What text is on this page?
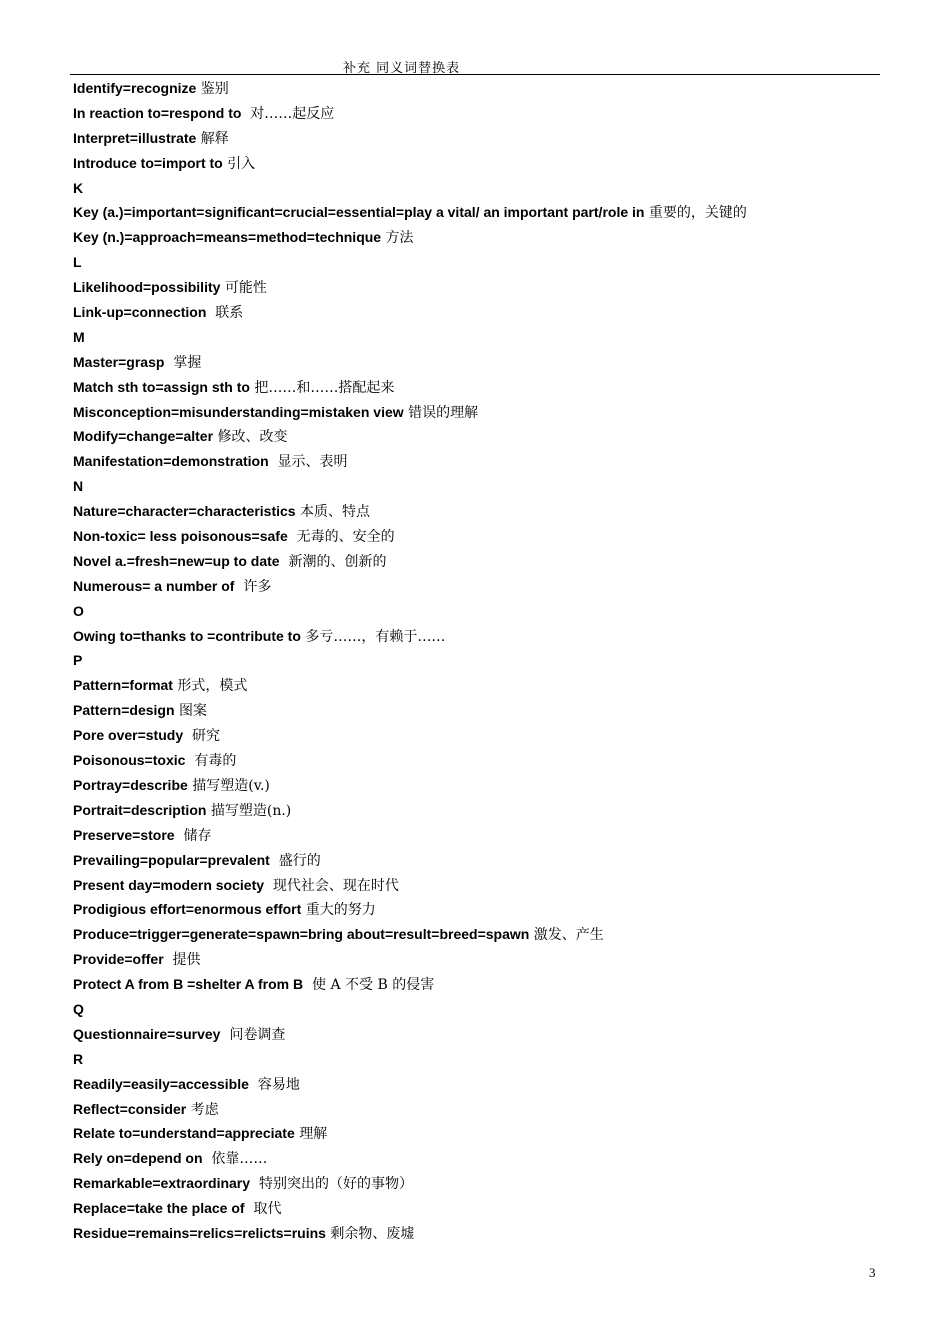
补充 同义词替换表
Identify=recognize 鉴别
In reaction to=respond to  对……起反应
Interpret=illustrate 解释
Introduce to=import to 引入
K
Key (a.)=important=significant=crucial=essential=play a vital/ an important part/role in 重要的，关键的
Key (n.)=approach=means=method=technique 方法
L
Likelihood=possibility 可能性
Link-up=connection  联系
M
Master=grasp  掌握
Match sth to=assign sth to 把……和……搭配起来
Misconception=misunderstanding=mistaken view 错误的理解
Modify=change=alter 修改、改变
Manifestation=demonstration  显示、表明
N
Nature=character=characteristics 本质、特点
Non-toxic= less poisonous=safe  无毒的、安全的
Novel a.=fresh=new=up to date  新潮的、创新的
Numerous= a number of  许多
O
Owing to=thanks to =contribute to 多亏……，有赖于……
P
Pattern=format 形式，模式
Pattern=design 图案
Pore over=study  研究
Poisonous=toxic  有毒的
Portray=describe 描写塑造(v.)
Portrait=description 描写塑造(n.)
Preserve=store  储存
Prevailing=popular=prevalent  盛行的
Present day=modern society  现代社会、现在时代
Prodigious effort=enormous effort 重大的努力
Produce=trigger=generate=spawn=bring about=result=breed=spawn 激发、产生
Provide=offer  提供
Protect A from B =shelter A from B  使 A 不受 B 的侵害
Q
Questionnaire=survey  问卷调查
R
Readily=easily=accessible  容易地
Reflect=consider 考虑
Relate to=understand=appreciate 理解
Rely on=depend on  依靠……
Remarkable=extraordinary  特别突出的（好的事物）
Replace=take the place of  取代
Residue=remains=relics=relicts=ruins 剩余物、废墟
3
